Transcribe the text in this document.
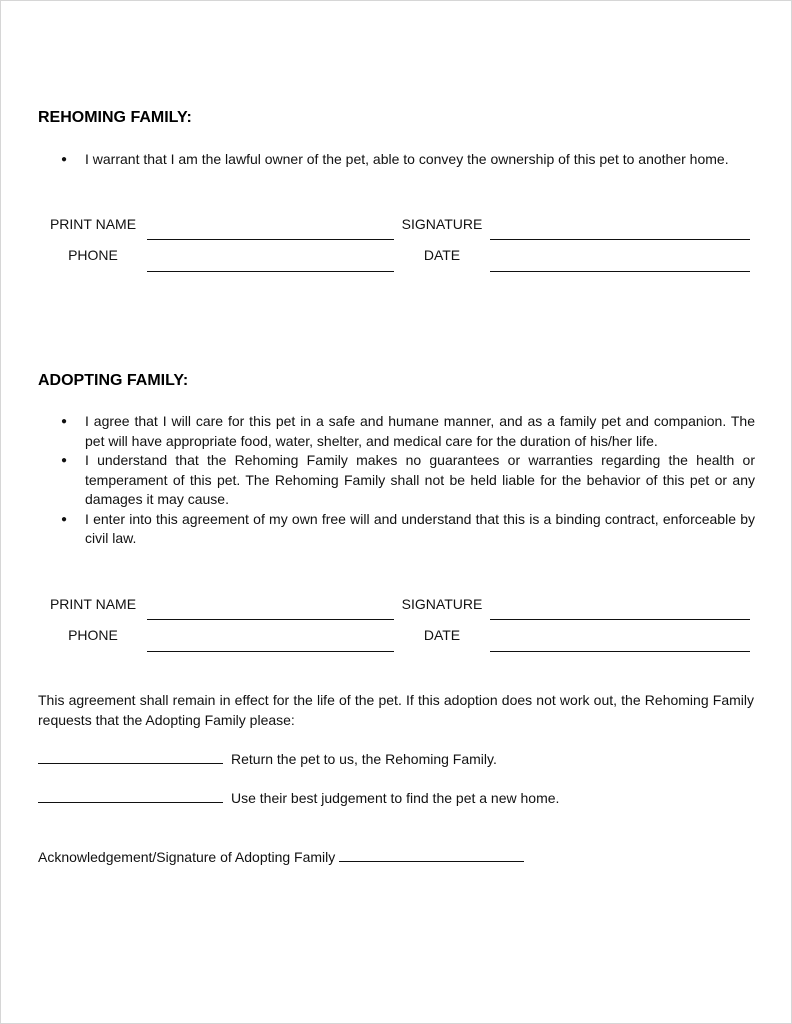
REHOMING FAMILY:
● I warrant that I am the lawful owner of the pet, able to convey the ownership of this pet to another home.
PRINT NAME	SIGNATURE
PHONE	DATE
ADOPTING FAMILY:
● I agree that I will care for this pet in a safe and humane manner, and as a family pet and companion. The pet will have appropriate food, water, shelter, and medical care for the duration of his/her life.
● I understand that the Rehoming Family makes no guarantees or warranties regarding the health or temperament of this pet. The Rehoming Family shall not be held liable for the behavior of this pet or any damages it may cause.
● I enter into this agreement of my own free will and understand that this is a binding contract, enforceable by civil law.
PRINT NAME	SIGNATURE
PHONE	DATE
This agreement shall remain in effect for the life of the pet. If this adoption does not work out, the Rehoming Family requests that the Adopting Family please:
Return the pet to us, the Rehoming Family.
Use their best judgement to find the pet a new home.
Acknowledgement/Signature of Adopting Family
